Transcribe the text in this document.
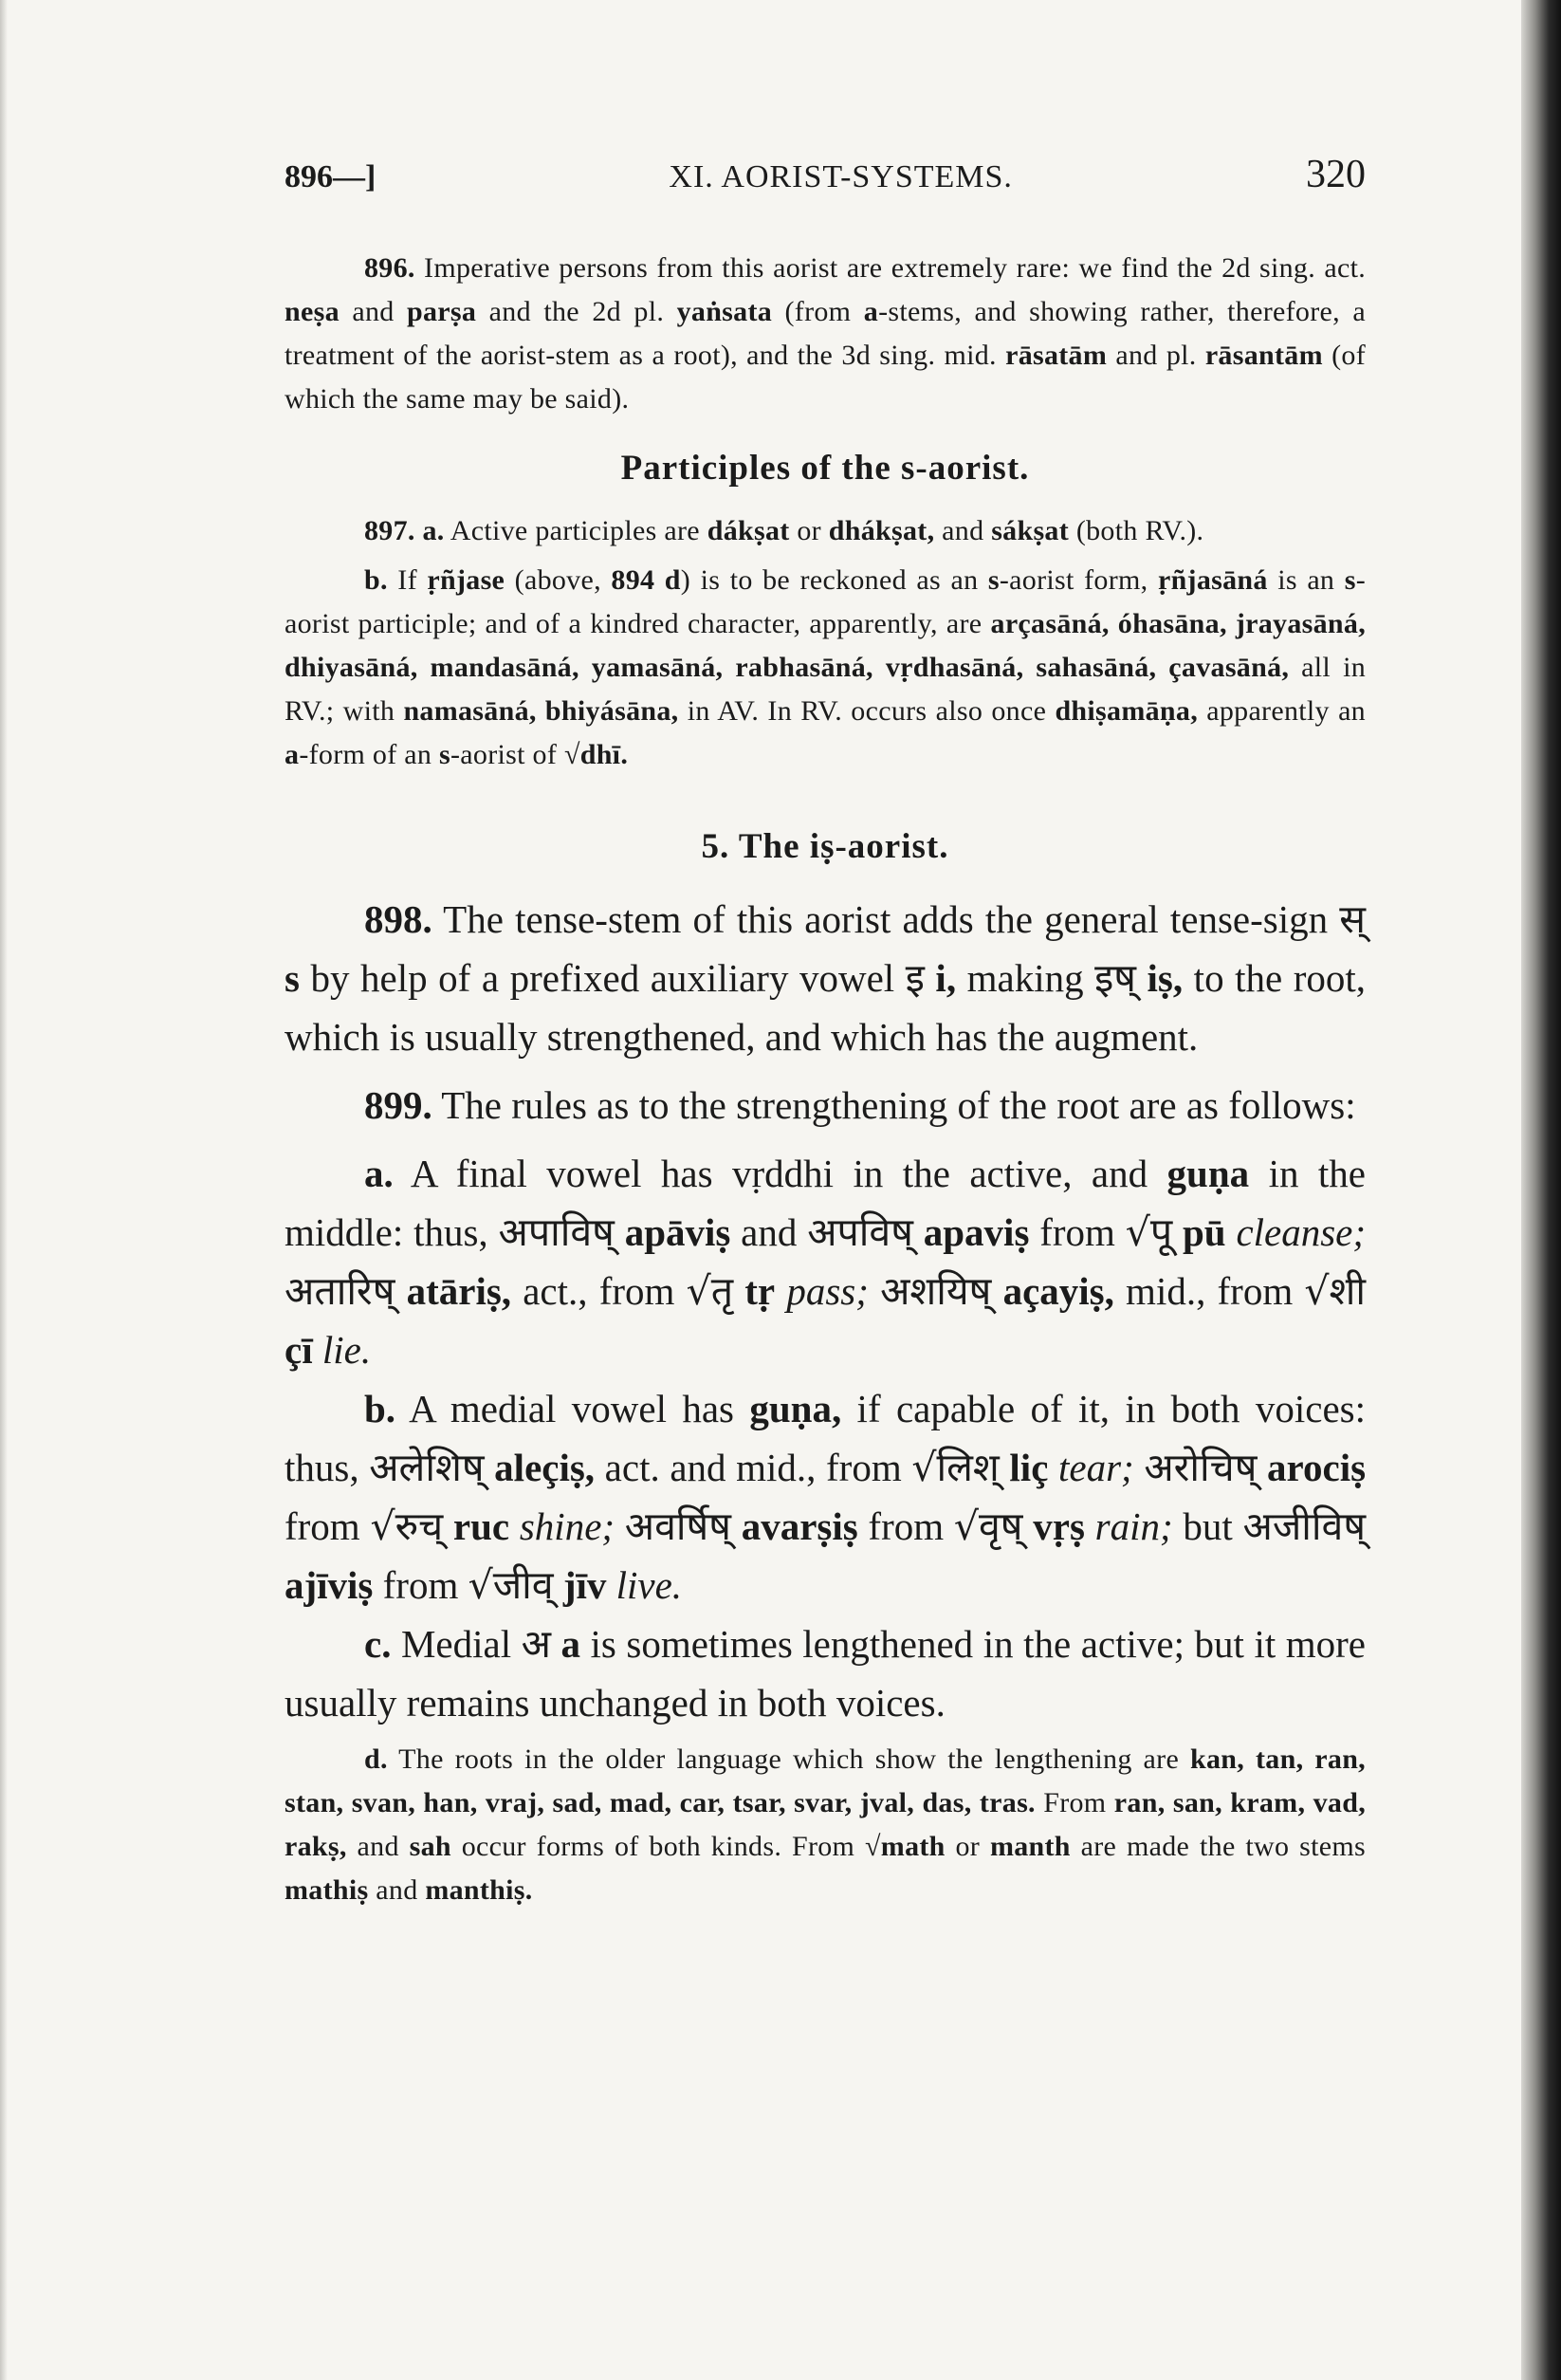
896—]	XI. AORIST-SYSTEMS.	320

896. Imperative persons from this aorist are extremely rare: we find the 2d sing. act. neṣa and parṣa and the 2d pl. yaṅsata (from a-stems, and showing rather, therefore, a treatment of the aorist-stem as a root), and the 3d sing. mid. rāsatām and pl. rāsantām (of which the same may be said).

Participles of the s-aorist.

897. a. Active participles are dákṣat or dhákṣat, and sákṣat (both RV.).

b. If ṛñjase (above, 894 d) is to be reckoned as an s-aorist form, ṛñjasāná is an s-aorist participle; and of a kindred character, apparently, are arçasāná, óhasāna, jrayasāná, dhiyasāná, mandasāná, yamasāná, rabhasāná, vṛdhasāná, sahasāná, çavasāná, all in RV.; with namasāná, bhiyásāna, in AV. In RV. occurs also once dhiṣamāṇa, apparently an a-form of an s-aorist of √dhī.

5. The iṣ-aorist.

898. The tense-stem of this aorist adds the general tense-sign स् s by help of a prefixed auxiliary vowel इ i, making इष् iṣ, to the root, which is usually strengthened, and which has the augment.

899. The rules as to the strengthening of the root are as follows:

a. A final vowel has vṛddhi in the active, and guṇa in the middle: thus, अपाविष् apāviṣ and अपविष् apaviṣ from √पू pū cleanse; अतारिष् atāriṣ, act., from √तृ tṛ pass; अशयिष् açayiṣ, mid., from √शी çī lie.

b. A medial vowel has guṇa, if capable of it, in both voices: thus, अलेशिष् aleçiṣ, act. and mid., from √लिश् liç tear; अरोचिष् arociṣ from √रुच् ruc shine; अवर्षिष् avarṣiṣ from √वृष् vṛṣ rain; but अजीविष् ajīviṣ from √जीव् jīv live.

c. Medial अ a is sometimes lengthened in the active; but it more usually remains unchanged in both voices.

d. The roots in the older language which show the lengthening are kan, tan, ran, stan, svan, han, vraj, sad, mad, car, tsar, svar, jval, das, tras. From ran, san, kram, vad, rakṣ, and sah occur forms of both kinds. From √math or manth are made the two stems mathiṣ and manthiṣ.
